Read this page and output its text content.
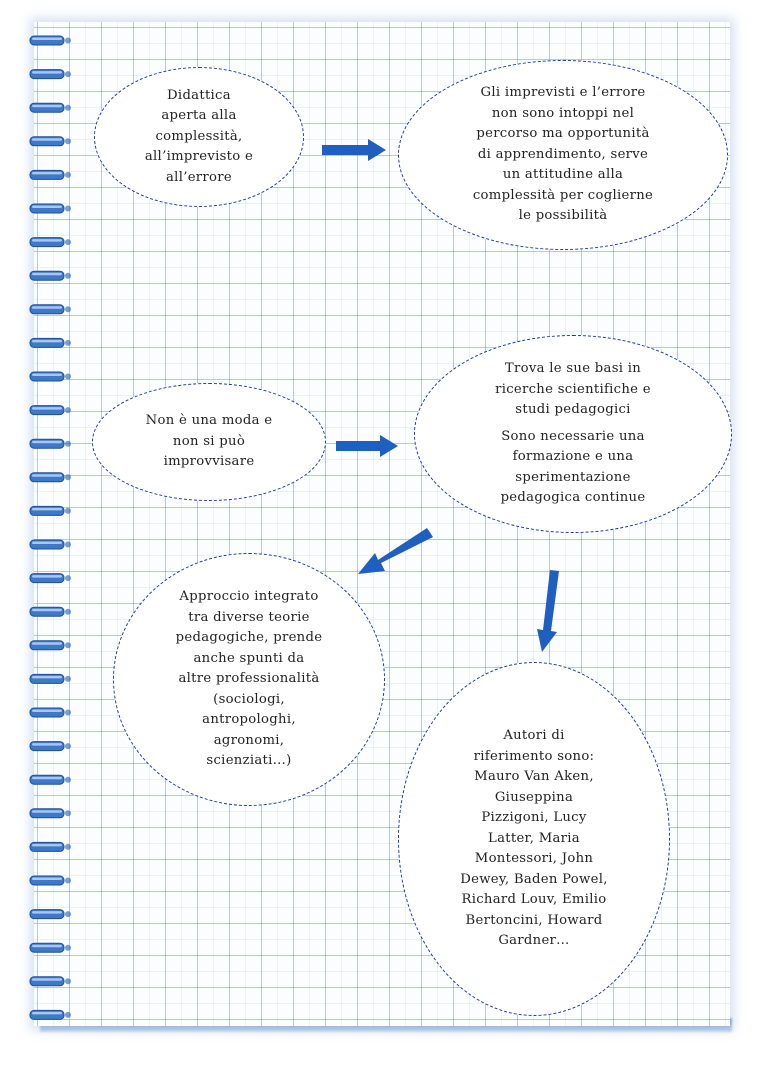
Didattica
aperta alla
complessità,
all’imprevisto e
all’errore
Gli imprevisti e l’errore
non sono intoppi nel
percorso ma opportunità
di apprendimento, serve
un attitudine alla
complessità per coglierne
le possibilità
Non è una moda e
non si può
improvvisare
Trova le sue basi in
ricerche scientifiche e
studi pedagogici
Sono necessarie una
formazione e una
sperimentazione
pedagogica continue
Approccio integrato
tra diverse teorie
pedagogiche, prende
anche spunti da
altre professionalità
(sociologi,
antropologhi,
agronomi,
scienziati…)
Autori di
riferimento sono:
Mauro Van Aken,
Giuseppina
Pizzigoni, Lucy
Latter, Maria
Montessori, John
Dewey, Baden Powel,
Richard Louv, Emilio
Bertoncini, Howard
Gardner…
